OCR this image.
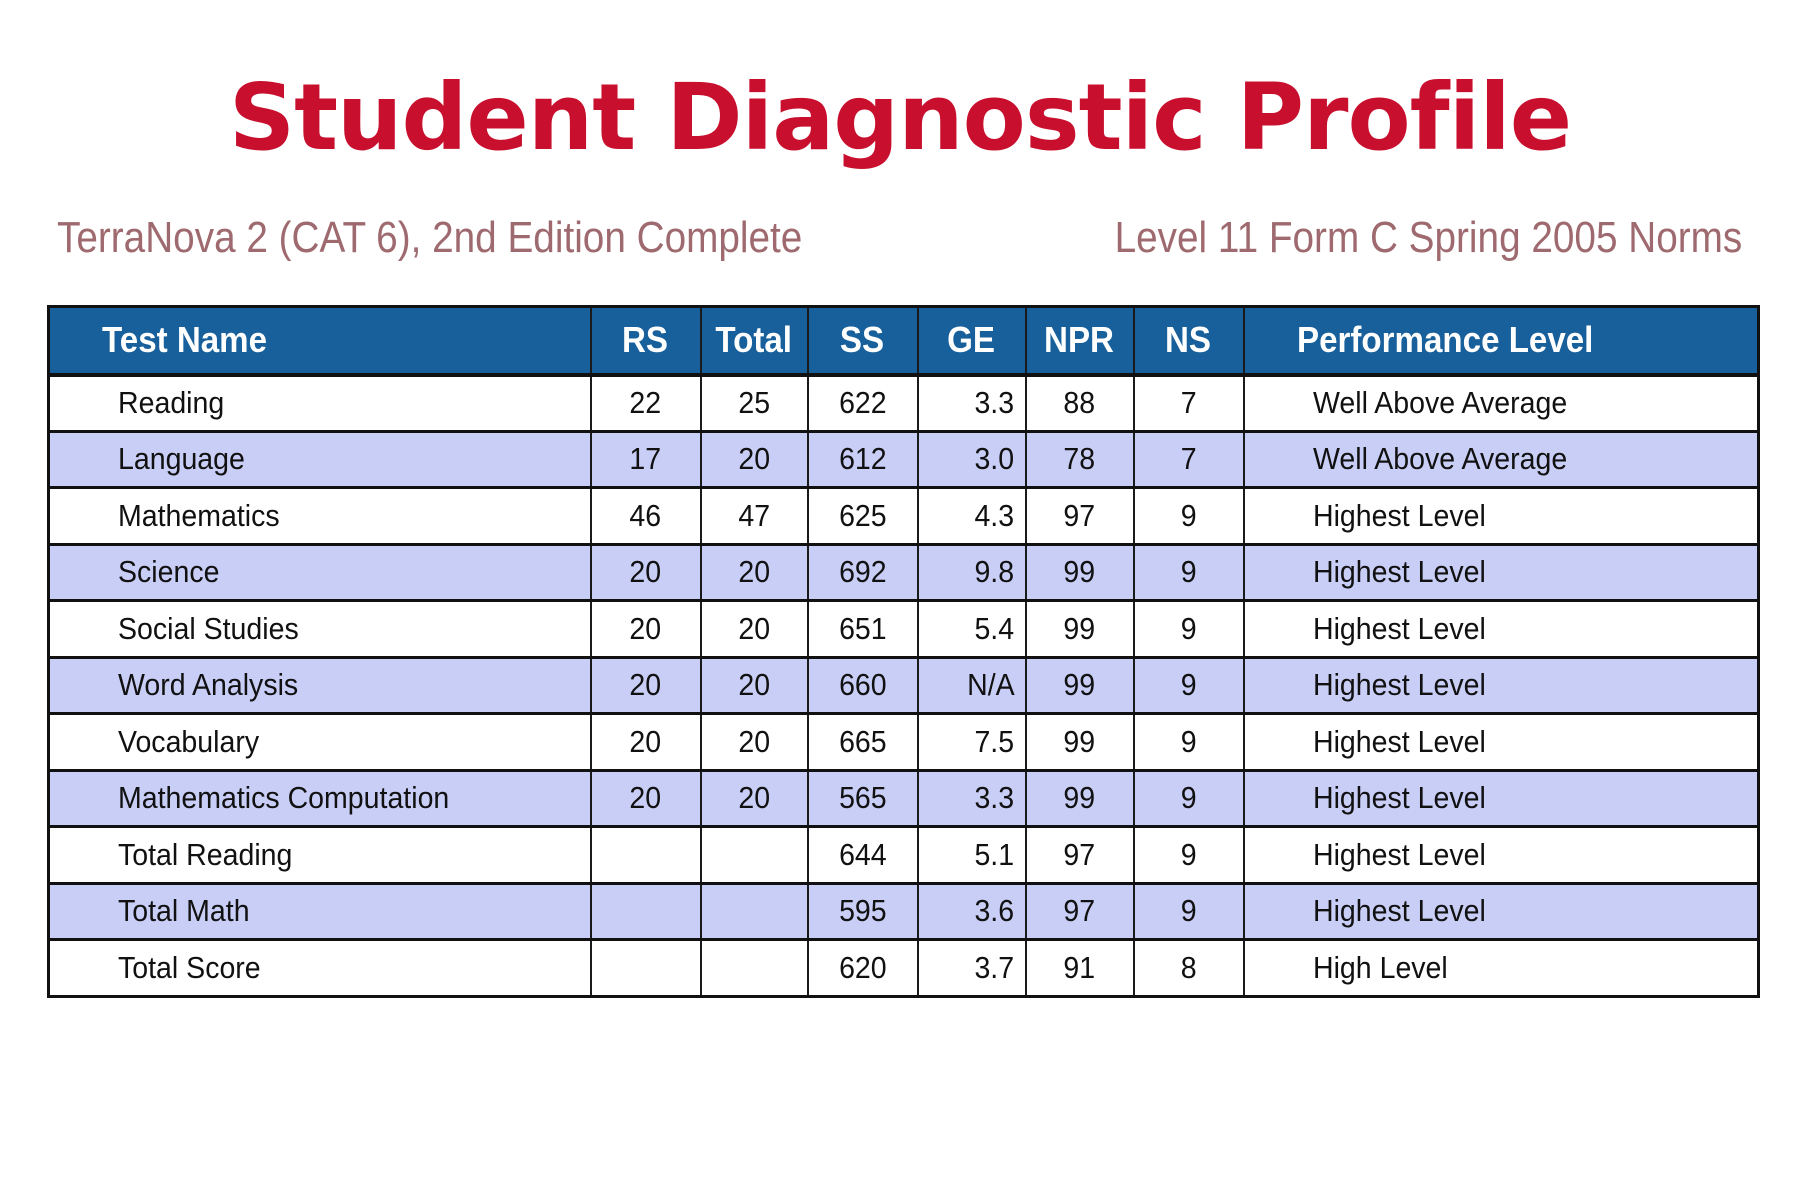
Student Diagnostic Profile
TerraNova 2 (CAT 6), 2nd Edition Complete	Level 11 Form C Spring 2005 Norms
Test Name	RS	Total	SS	GE	NPR	NS	Performance Level
Reading	22	25	622	3.3	88	7	Well Above Average
Language	17	20	612	3.0	78	7	Well Above Average
Mathematics	46	47	625	4.3	97	9	Highest Level
Science	20	20	692	9.8	99	9	Highest Level
Social Studies	20	20	651	5.4	99	9	Highest Level
Word Analysis	20	20	660	N/A	99	9	Highest Level
Vocabulary	20	20	665	7.5	99	9	Highest Level
Mathematics Computation	20	20	565	3.3	99	9	Highest Level
Total Reading			644	5.1	97	9	Highest Level
Total Math			595	3.6	97	9	Highest Level
Total Score			620	3.7	91	8	High Level
